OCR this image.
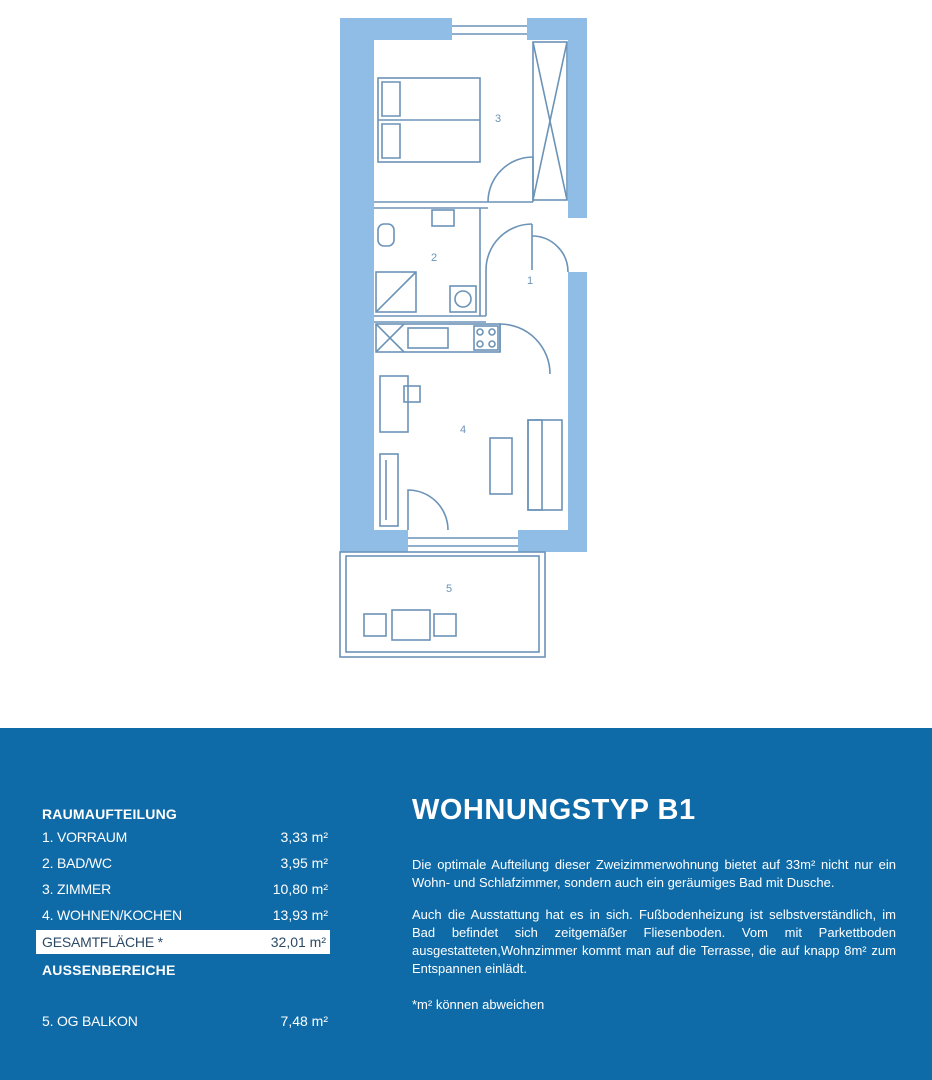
3
2
1
4
5
RAUMAUFTEILUNG
1. VORRAUM	3,33 m²
2. BAD/WC	3,95 m²
3. ZIMMER	10,80 m²
4. WOHNEN/KOCHEN	13,93 m²
GESAMTFLÄCHE *	32,01 m²
AUSSENBEREICHE
5. OG BALKON	7,48 m²
WOHNUNGSTYP B1

Die optimale Aufteilung dieser Zweizimmerwohnung bietet auf 33m² nicht nur ein Wohn- und Schlafzimmer, sondern auch ein geräumiges Bad mit Dusche.

Auch die Ausstattung hat es in sich. Fußbodenheizung ist selbstverständlich, im Bad befindet sich zeitgemäßer Fliesenboden. Vom mit Parkettboden ausgestatteten,Wohnzimmer kommt man auf die Terrasse, die auf knapp 8m² zum Entspannen einlädt.

*m² können abweichen
